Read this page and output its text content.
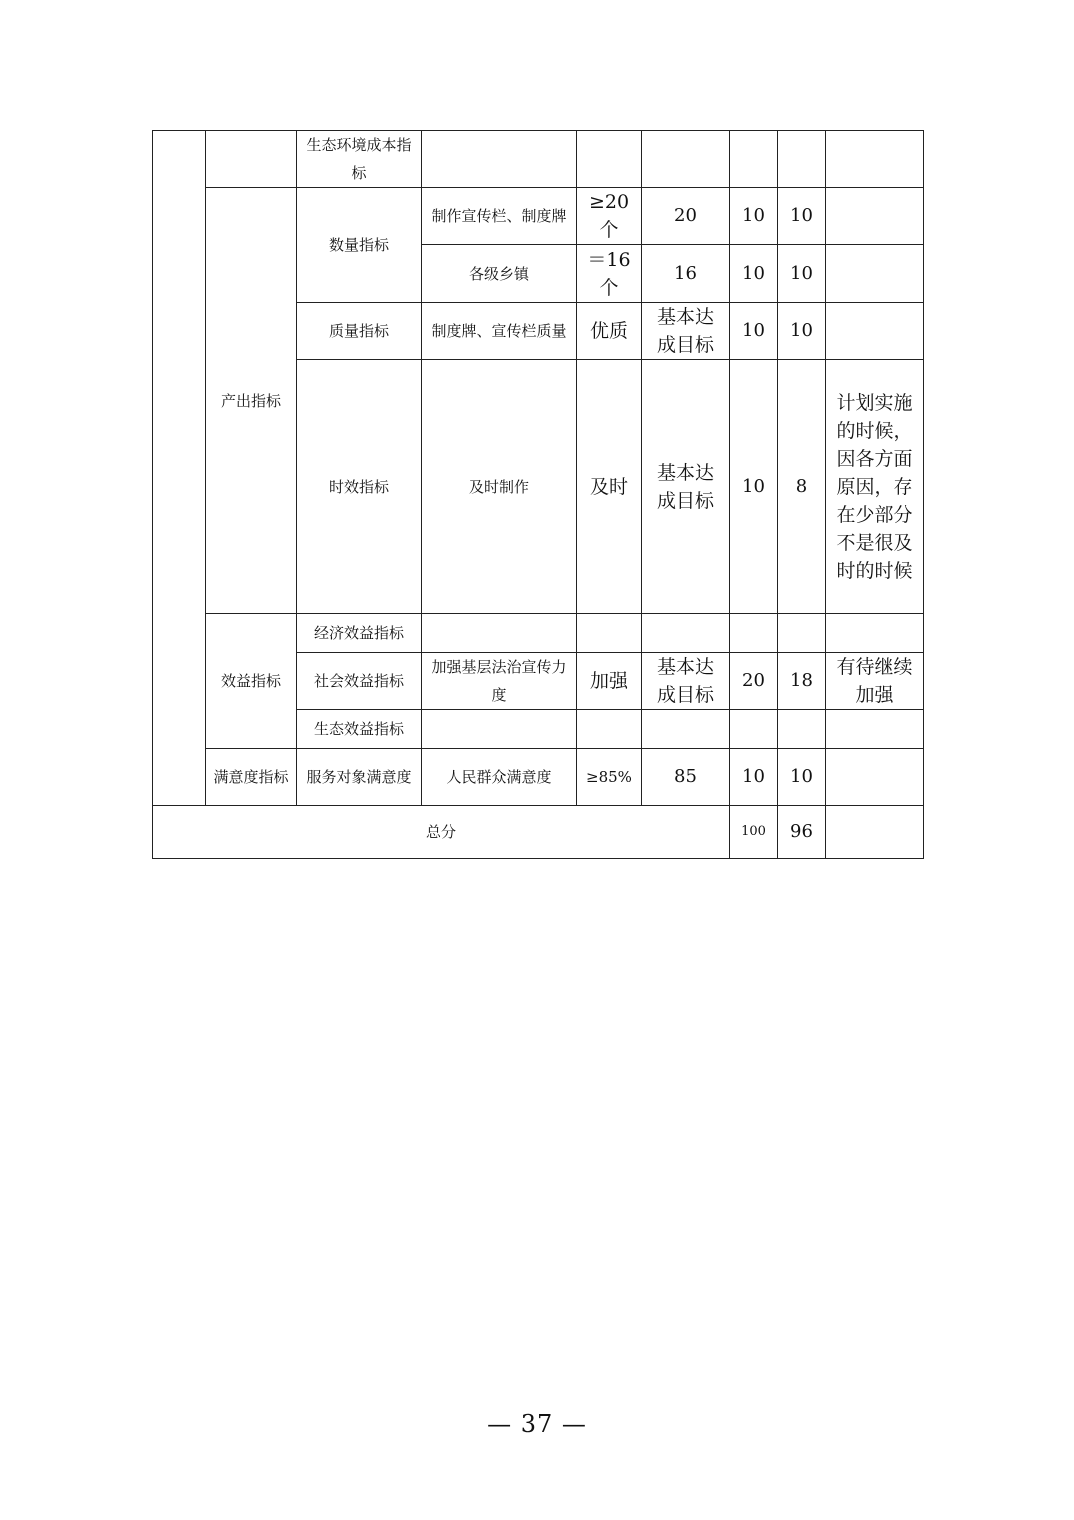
		生态环境成本指标						
	产出指标	数量指标	制作宣传栏、制度牌	≥20个	20	10	10	
			各级乡镇	＝16个	16	10	10	
		质量指标	制度牌、宣传栏质量	优质	基本达成目标	10	10	
		时效指标	及时制作	及时	基本达成目标	10	8	计划实施的时候，因各方面原因，存在少部分不是很及时的时候
	效益指标	经济效益指标						
		社会效益指标	加强基层法治宣传力度	加强	基本达成目标	20	18	有待继续加强
		生态效益指标						
	满意度指标	服务对象满意度	人民群众满意度	≥85%	85	10	10	
总分						100	96	
— 37 —
